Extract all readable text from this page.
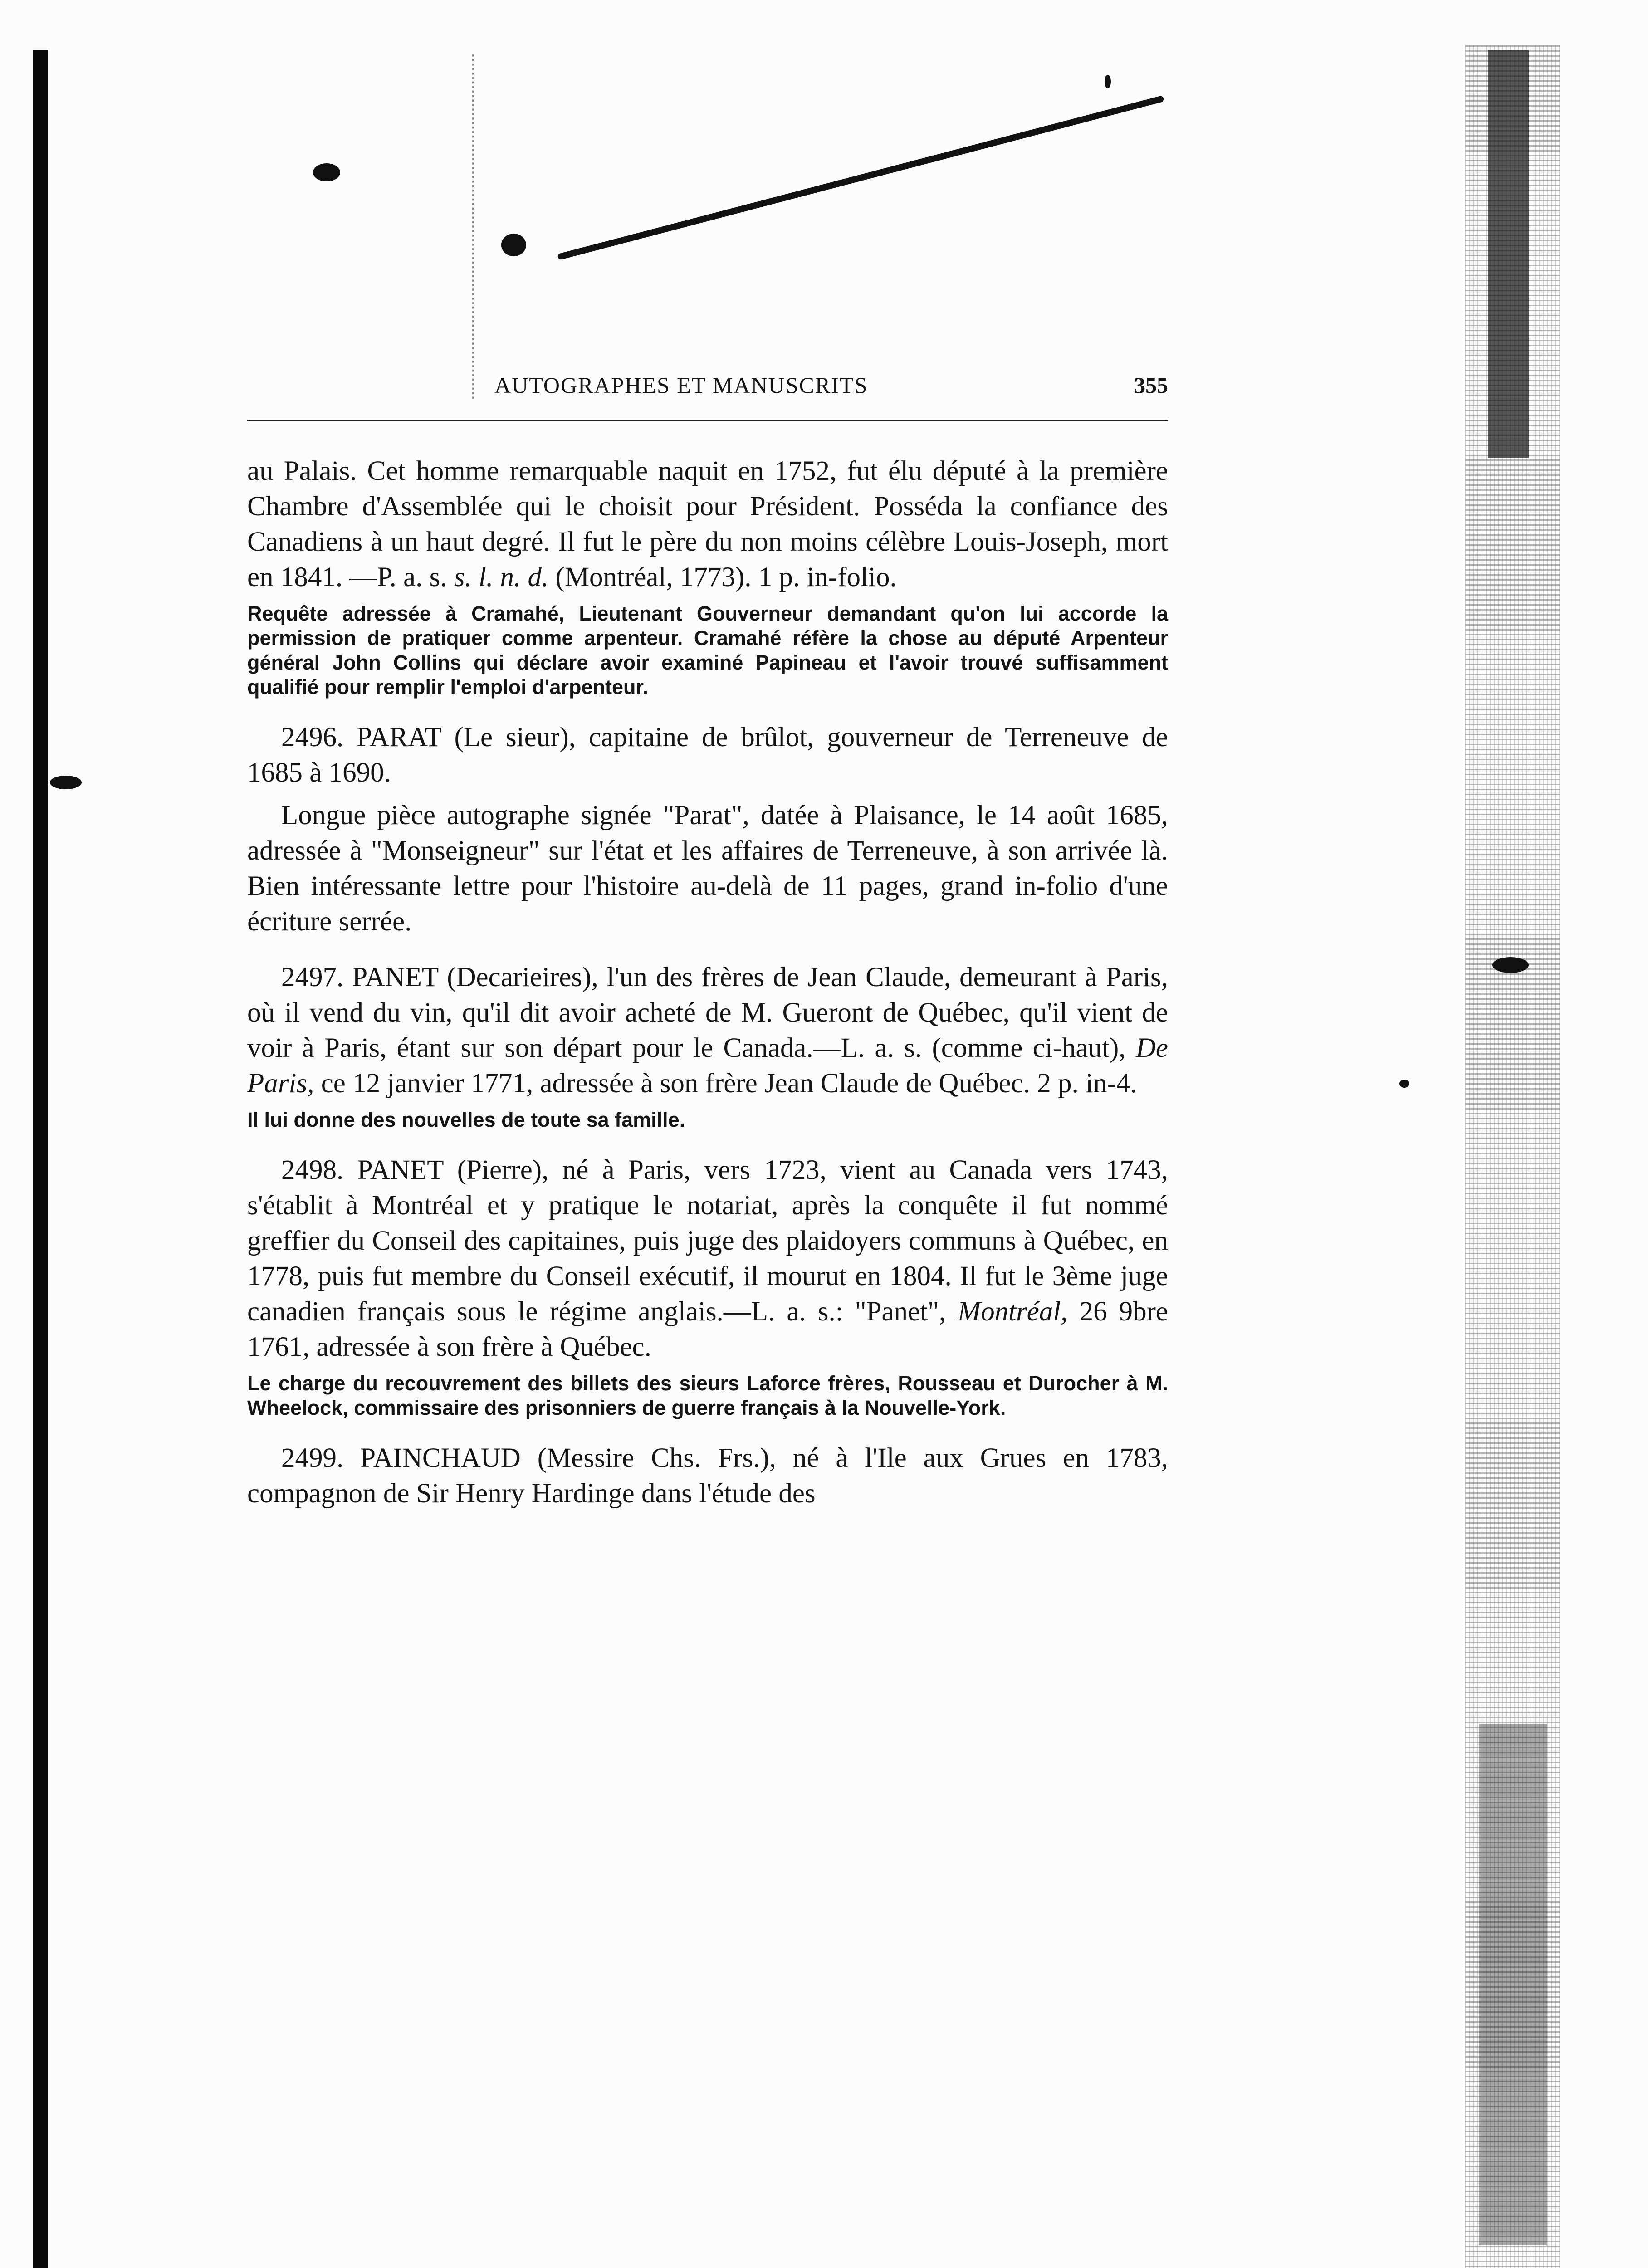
AUTOGRAPHES ET MANUSCRITS	355

au Palais. Cet homme remarquable naquit en 1752, fut élu député à la première Chambre d'Assemblée qui le choisit pour Président. Posséda la confiance des Canadiens à un haut degré. Il fut le père du non moins célèbre Louis-Joseph, mort en 1841. —P. a. s. s. l. n. d. (Montréal, 1773). 1 p. in-folio.

Requête adressée à Cramahé, Lieutenant Gouverneur demandant qu'on lui accorde la permission de pratiquer comme arpenteur. Cramahé réfère la chose au député Arpenteur général John Collins qui déclare avoir examiné Papineau et l'avoir trouvé suffisamment qualifié pour remplir l'emploi d'arpenteur.

2496. PARAT (Le sieur), capitaine de brûlot, gouverneur de Terreneuve de 1685 à 1690.

Longue pièce autographe signée "Parat", datée à Plaisance, le 14 août 1685, adressée à "Monseigneur" sur l'état et les affaires de Terreneuve, à son arrivée là. Bien intéressante lettre pour l'histoire au-delà de 11 pages, grand in-folio d'une écriture serrée.

2497. PANET (Decarieires), l'un des frères de Jean Claude, demeurant à Paris, où il vend du vin, qu'il dit avoir acheté de M. Gueront de Québec, qu'il vient de voir à Paris, étant sur son départ pour le Canada.—L. a. s. (comme ci-haut), De Paris, ce 12 janvier 1771, adressée à son frère Jean Claude de Québec. 2 p. in-4.

Il lui donne des nouvelles de toute sa famille.

2498. PANET (Pierre), né à Paris, vers 1723, vient au Canada vers 1743, s'établit à Montréal et y pratique le notariat, après la conquête il fut nommé greffier du Conseil des capitaines, puis juge des plaidoyers communs à Québec, en 1778, puis fut membre du Conseil exécutif, il mourut en 1804. Il fut le 3ème juge canadien français sous le régime anglais.—L. a. s.: "Panet", Montréal, 26 9bre 1761, adressée à son frère à Québec.

Le charge du recouvrement des billets des sieurs Laforce frères, Rousseau et Durocher à M. Wheelock, commissaire des prisonniers de guerre français à la Nouvelle-York.

2499. PAINCHAUD (Messire Chs. Frs.), né à l'Ile aux Grues en 1783, compagnon de Sir Henry Hardinge dans l'étude des
